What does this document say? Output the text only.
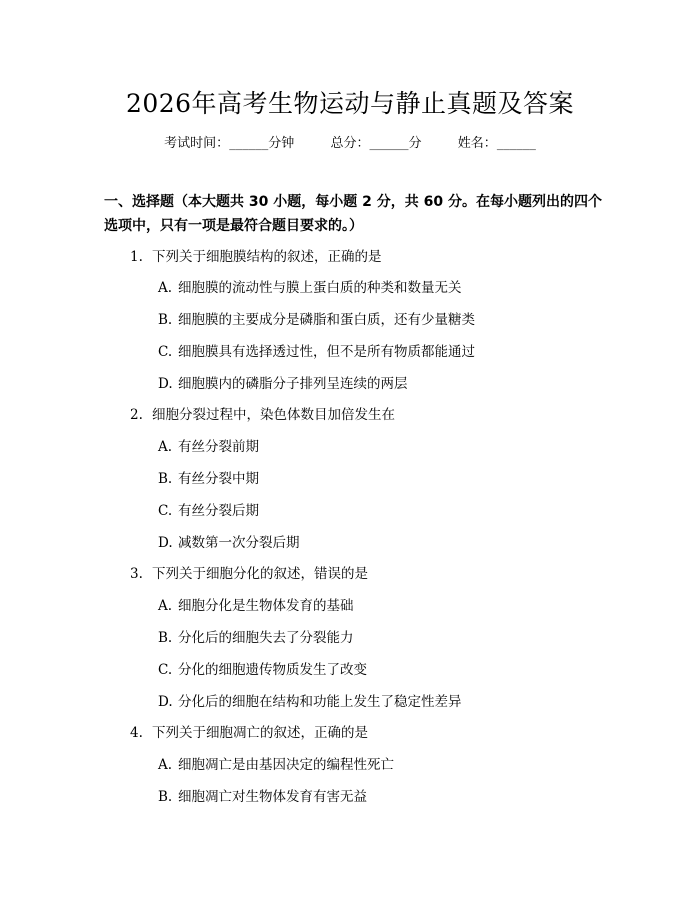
2026年高考生物运动与静止真题及答案
考试时间：______分钟	总分：______分	姓名：______
一、选择题（本大题共 30 小题，每小题 2 分，共 60 分。在每小题列出的四个选项中，只有一项是最符合题目要求的。）
1. 下列关于细胞膜结构的叙述，正确的是
A. 细胞膜的流动性与膜上蛋白质的种类和数量无关
B. 细胞膜的主要成分是磷脂和蛋白质，还有少量糖类
C. 细胞膜具有选择透过性，但不是所有物质都能通过
D. 细胞膜内的磷脂分子排列呈连续的两层
2. 细胞分裂过程中，染色体数目加倍发生在
A. 有丝分裂前期
B. 有丝分裂中期
C. 有丝分裂后期
D. 减数第一次分裂后期
3. 下列关于细胞分化的叙述，错误的是
A. 细胞分化是生物体发育的基础
B. 分化后的细胞失去了分裂能力
C. 分化的细胞遗传物质发生了改变
D. 分化后的细胞在结构和功能上发生了稳定性差异
4. 下列关于细胞凋亡的叙述，正确的是
A. 细胞凋亡是由基因决定的编程性死亡
B. 细胞凋亡对生物体发育有害无益
